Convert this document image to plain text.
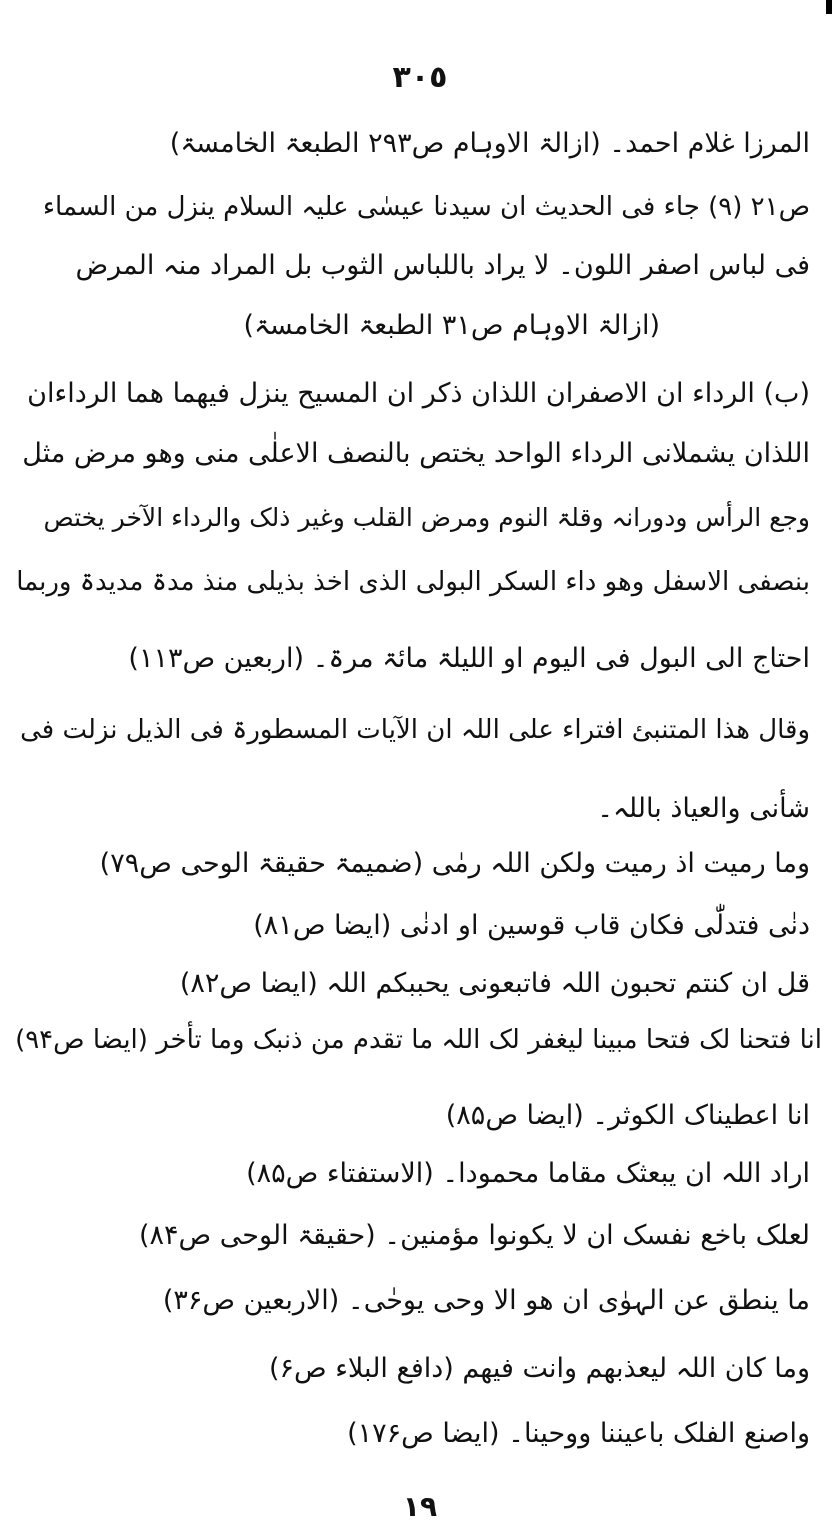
٣٠٥
المرزا غلام احمد۔ (ازالۃ الاوہام ص۲۹۳ الطبعۃ الخامسۃ)
ص۲۱ (۹) جاء فی الحدیث ان سیدنا عیسٰی علیہ السلام ینزل من السماء
فی لباس اصفر اللون۔ لا یراد باللباس الثوب بل المراد منہ المرض
(ازالۃ الاوہام ص۳۱ الطبعۃ الخامسۃ)
(ب) الرداء ان الاصفران اللذان ذکر ان المسیح ینزل فیھما ھما الرداءان
اللذان یشملانی الرداء الواحد یختص بالنصف الاعلٰی منی وھو مرض مثل
وجع الرأس ودورانہ وقلۃ النوم ومرض القلب وغیر ذلک والرداء الآخر یختص
بنصفی الاسفل وھو داء السکر البولی الذی اخذ بذیلی منذ مدۃ مدیدۃ وربما
احتاج الی البول فی الیوم او اللیلۃ مائۃ مرۃ۔ (اربعین ص۱۱۳)
وقال ھذا المتنبئ افتراء علی اللہ ان الآیات المسطورۃ فی الذیل نزلت فی
شأنی والعیاذ باللہ۔
وما رمیت اذ رمیت ولکن اللہ رمٰی (ضمیمۃ حقیقۃ الوحی ص۷۹)
دنٰی فتدلّٰی فکان قاب قوسین او ادنٰی (ایضا ص۸۱)
قل ان کنتم تحبون اللہ فاتبعونی یحببکم اللہ (ایضا ص۸۲)
انا فتحنا لک فتحا مبینا لیغفر لک اللہ ما تقدم من ذنبک وما تأخر (ایضا ص۹۴)
انا اعطیناک الکوثر۔ (ایضا ص۸۵)
اراد اللہ ان یبعثک مقاما محمودا۔ (الاستفتاء ص۸۵)
لعلک باخع نفسک ان لا یکونوا مؤمنین۔ (حقیقۃ الوحی ص۸۴)
ما ینطق عن الہوٰی ان ھو الا وحی یوحٰی۔ (الاربعین ص۳۶)
وما کان اللہ لیعذبھم وانت فیھم (دافع البلاء ص۶)
واصنع الفلک باعیننا ووحینا۔ (ایضا ص۱۷۶)
١٩
